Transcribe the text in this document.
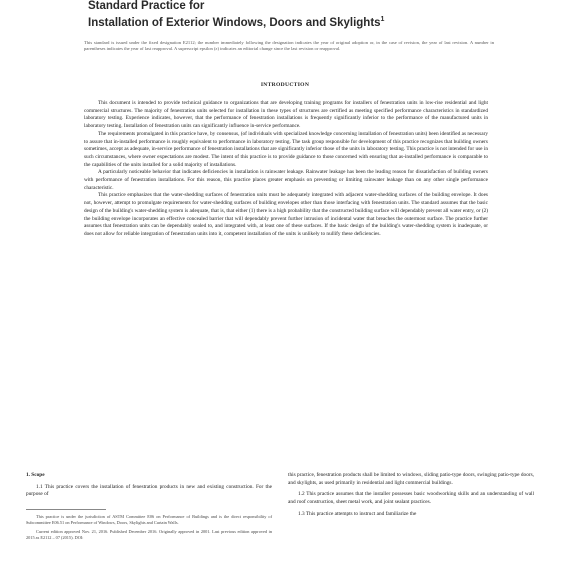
Standard Practice for
Installation of Exterior Windows, Doors and Skylights$^1$
This standard is issued under the fixed designation E2112; the number immediately following the designation indicates the year of original adoption or, in the case of revision, the year of last revision. A number in parentheses indicates the year of last reapproval. A superscript epsilon (ε) indicates an editorial change since the last revision or reapproval.
INTRODUCTION

This document is intended to provide technical guidance to organizations that are developing training programs for installers of fenestration units in low-rise residential and light commercial structures. The majority of fenestration units selected for installation in these types of structures are certified as meeting specified performance characteristics in standardized laboratory testing. Experience indicates, however, that the performance of fenestration installations is frequently significantly inferior to the performance of the manufactured units in laboratory testing. Installation of fenestration units can significantly influence in-service performance.

The requirements promulgated in this practice have, by consensus, (of individuals with specialized knowledge concerning installation of fenestration units) been identified as necessary to assure that in-installed performance is roughly equivalent to performance in laboratory testing. The task group responsible for development of this practice recognizes that building owners sometimes, accept as adequate, in-service performance of fenestration installations that are significantly inferior those of the units in laboratory testing. This practice is not intended for use in such circumstances, where owner expectations are modest. The intent of this practice is to provide guidance to those concerned with ensuring that as-installed performance is comparable to the capabilities of the units installed for a solid majority of installations.

A particularly noticeable behavior that indicates deficiencies in installation is rainwater leakage. Rainwater leakage has been the leading reason for dissatisfaction of building owners with performance of fenestration installations. For this reason, this practice places greater emphasis on preventing or limiting rainwater leakage than on any other single performance characteristic.

This practice emphasizes that the water-shedding surfaces of fenestration units must be adequately integrated with adjacent water-shedding surfaces of the building envelope. It does not, however, attempt to promulgate requirements for water-shedding surfaces of building envelopes other than those interfacing with fenestration units. The standard assumes that the basic design of the building's water-shedding system is adequate, that is, that either (1) there is a high probability that the constructed building surface will dependably prevent all water entry, or (2) the building envelope incorporates an effective concealed barrier that will dependably prevent further intrusion of incidental water that breaches the outermost surface. The practice further assumes that fenestration units can be dependably sealed to, and integrated with, at least one of these surfaces. If the basic design of the building's water-shedding system is inadequate, or does not allow for reliable integration of fenestration units into it, competent installation of the units is unlikely to nullify these deficiencies.

1. Scope

1.1 This practice covers the installation of fenestration products in new and existing construction. For the purpose of

This practice is under the jurisdiction of ASTM Committee E06 on Performance of Buildings and is the direct responsibility of Subcommittee E06.51 on Performance of Windows, Doors, Skylights and Curtain Walls.

Current edition approved Nov. 21, 2016. Published December 2016. Originally approved in 2001. Last previous edition approved in 2015 as E2112 – 07 (2015). DOI:

this practice, fenestration products shall be limited to windows, sliding patio-type doors, swinging patio-type doors, and skylights, as used primarily in residential and light commercial buildings.

1.2 This practice assumes that the installer possesses basic woodworking skills and an understanding of wall and roof construction, sheet metal work, and joint sealant practices.

1.3 This practice attempts to instruct and familiarize the
